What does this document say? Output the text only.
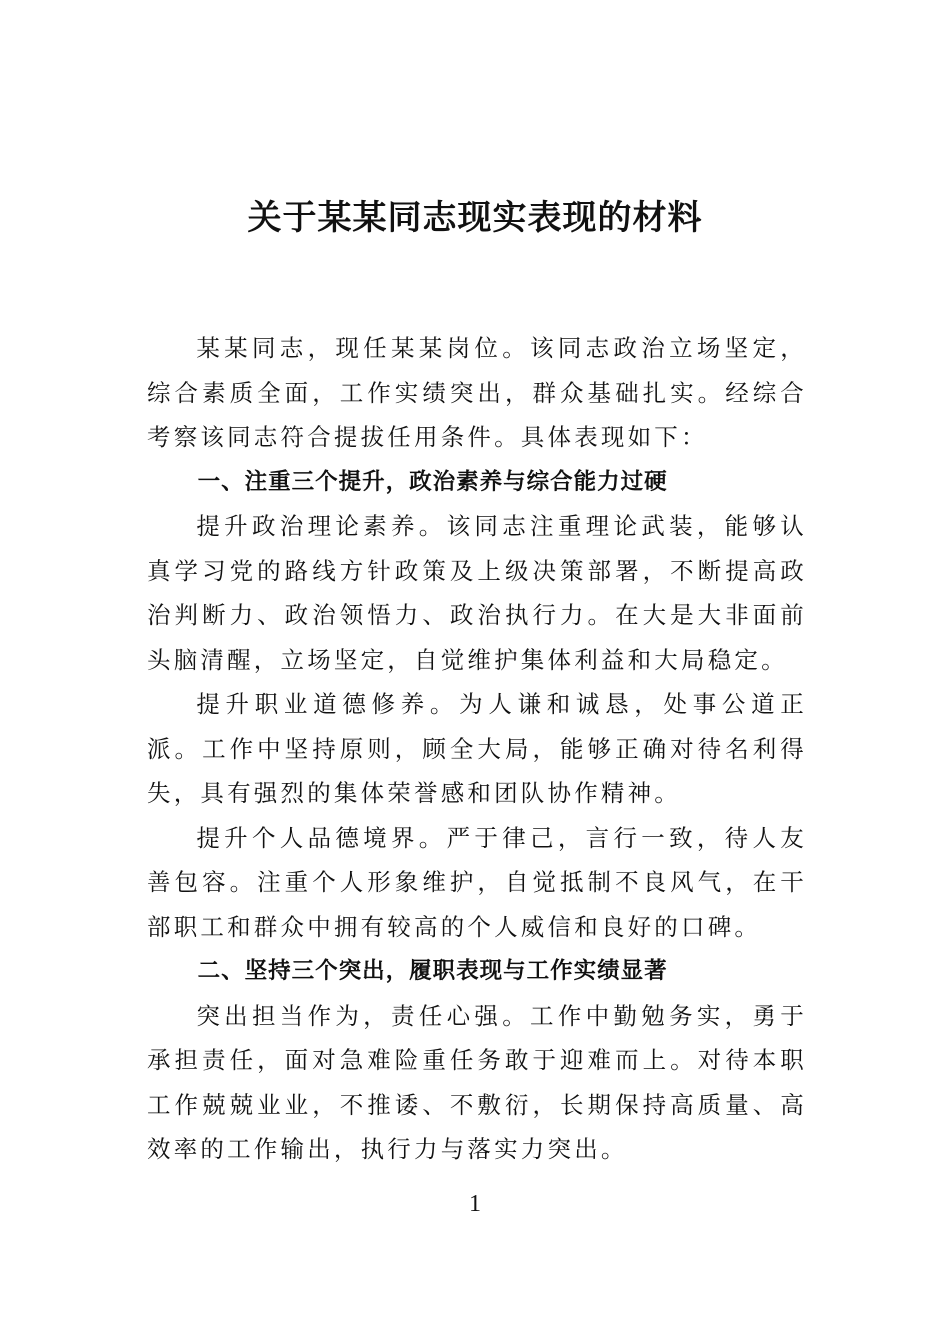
关于某某同志现实表现的材料

某某同志，现任某某岗位。该同志政治立场坚定，综合素质全面，工作实绩突出，群众基础扎实。经综合考察该同志符合提拔任用条件。具体表现如下：

一、注重三个提升，政治素养与综合能力过硬

提升政治理论素养。该同志注重理论武装，能够认真学习党的路线方针政策及上级决策部署，不断提高政治判断力、政治领悟力、政治执行力。在大是大非面前头脑清醒，立场坚定，自觉维护集体利益和大局稳定。

提升职业道德修养。为人谦和诚恳，处事公道正派。工作中坚持原则，顾全大局，能够正确对待名利得失，具有强烈的集体荣誉感和团队协作精神。

提升个人品德境界。严于律己，言行一致，待人友善包容。注重个人形象维护，自觉抵制不良风气，在干部职工和群众中拥有较高的个人威信和良好的口碑。

二、坚持三个突出，履职表现与工作实绩显著

突出担当作为，责任心强。工作中勤勉务实，勇于承担责任，面对急难险重任务敢于迎难而上。对待本职工作兢兢业业，不推诿、不敷衍，长期保持高质量、高效率的工作输出，执行力与落实力突出。

1
